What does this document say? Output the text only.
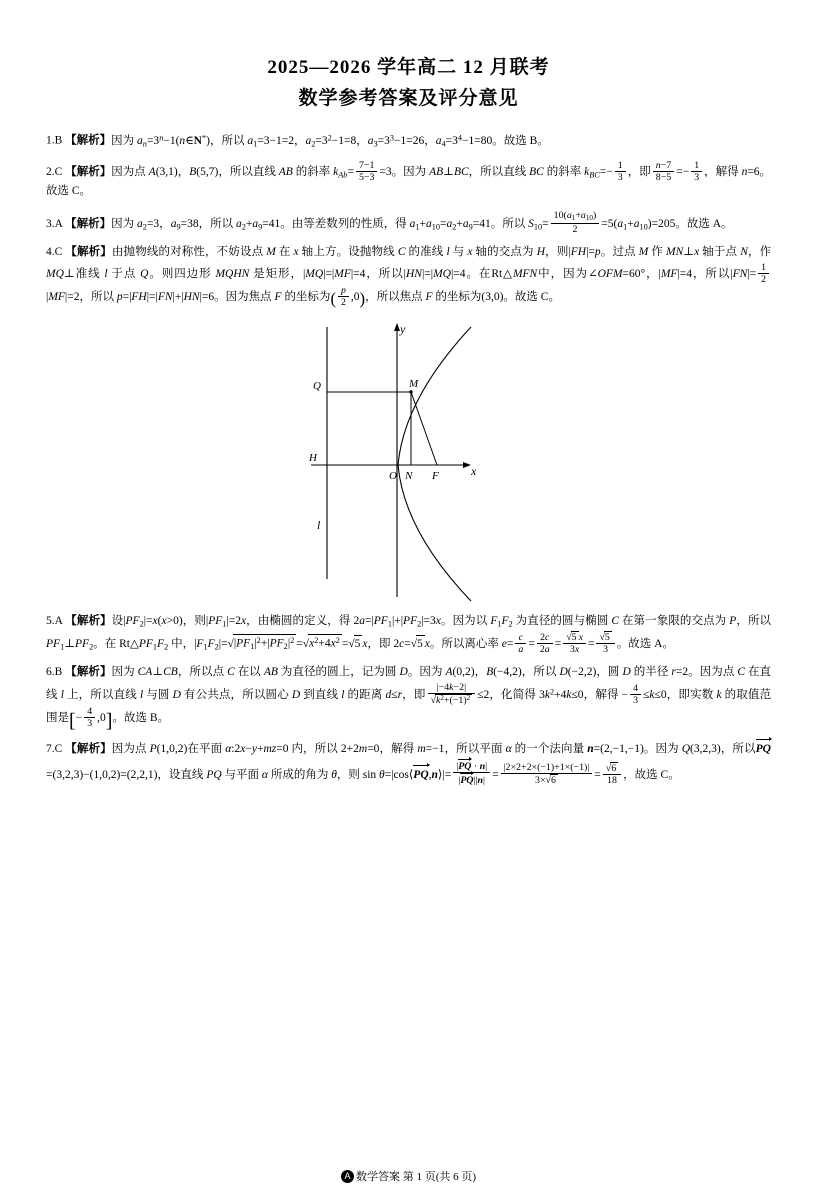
2025—2026 学年高二 12 月联考
数学参考答案及评分意见
1.B 【解析】因为 $a_n=3^n-1(n\in N^*)$，所以 $a_1=3-1=2$，$a_2=3^2-1=8$，$a_3=3^3-1=26$，$a_4=3^4-1=80$。故选 B。
2.C 【解析】因为点 A(3,1)，B(5,7)，所以直线 AB 的斜率 $k_{Ab}= \frac{7-1}{5-3} =3$。因为 AB⊥BC，所以直线 BC 的斜率 $k_{BC}=- \frac{1}{3}$ ，即 $\frac{n-7}{8-5} =- \frac{1}{3}$ ，解得 n=6。故选 C。
3.A 【解析】因为 $a_2=3$，$a_9=38$，所以 $a_2+a_9=41$。由等差数列的性质，得 $a_1+a_{10}=a_2+a_9=41$。所以 $S_{10}= \frac{10(a_1+a_{10})}{2} =5(a_1+a_{10})=205$。故选 A。
4.C 【解析】由抛物线的对称性，不妨设点 M 在 x 轴上方。设抛物线 C 的准线 l 与 x 轴的交点为 H，则|FH|=p。过点 M 作 MN⊥x 轴于点 N，作 MQ⊥准线 l 于点 Q。则四边形 MQHN 是矩形，|MQ|=|MF|=4，所以|HN|=|MQ|=4。在Rt△MFN中，因为∠OFM=60°，|MF|=4，所以$|FN|= \frac{1}{2}$
|MF|=2，所以 p=|FH|=|FN|+|HN|=6。因为焦点 F 的坐标为( $\frac{p}{2} ,0$)，所以焦点 F 的坐标为(3,0)。故选 C。
l
y
x
M
Q
H
O N F
5.A 【解析】设$|PF_2|=x(x>0)$，则$|PF_1|=2x$，由椭圆的定义，得 $2a=|PF_1|+|PF_2|=3x$。因为以 $F_1F_2$ 为直径的圆与椭圆 C 在第一象限的交点为 P，所以 $PF_1\perp PF_2$。在 $Rt\triangle PF_1F_2$ 中，$|F_1F_2|=√|PF_1|^2+|PF_2|^2 =√x^2+4x^2 =√5$ x，即 2c=√5 x。所以离心率 $e= \frac{c}{a} = \frac{2c}{2a} = \frac{√5 x}{3x} = \frac{√5}{3}$ 。故选 A。
6.B 【解析】因为 CA⊥CB，所以点 C 在以 AB 为直径的圆上，记为圆 D。因为 A(0,2)，B(−4,2)，所以 D(−2,2)，圆 D 的半径 r=2。因为点 C 在直线 l 上，所以直线 l 与圆 D 有公共点，所以圆心 D 到直线 l 的距离 d≤r，即 $\frac{|-4k-2|}{√k^2+(-1)^2} \le 2$，化简得 $3k^2+4k\le 0$，解得 − $\frac{4}{3} \le k\le 0$，即实数 k 的取值范围是[− $\frac{4}{3} ,0$]。故选 B。
7.C 【解析】因为点 P(1,0,2)在平面 α:2x−y+mz=0 内，所以 2+2m=0，解得 m=−1，所以平面 α 的一个法向量 n=(2,−1,−1)。因为 Q(3,2,3)，所以PQ=(3,2,3)−(1,0,2)=(2,2,1)，设直线 PQ 与平面 α 所成的角为 θ，则 sin θ=|cos⟨PQ,n⟩|= $\frac{|PQ \cdot n|}{|PQ||n|} = \frac{|2\times 2+2\times(-1)+1\times(-1)|}{3\times√6} = \frac{√6}{18}$ ，故选 C。
A 数学答案 第 1 页(共 6 页)
